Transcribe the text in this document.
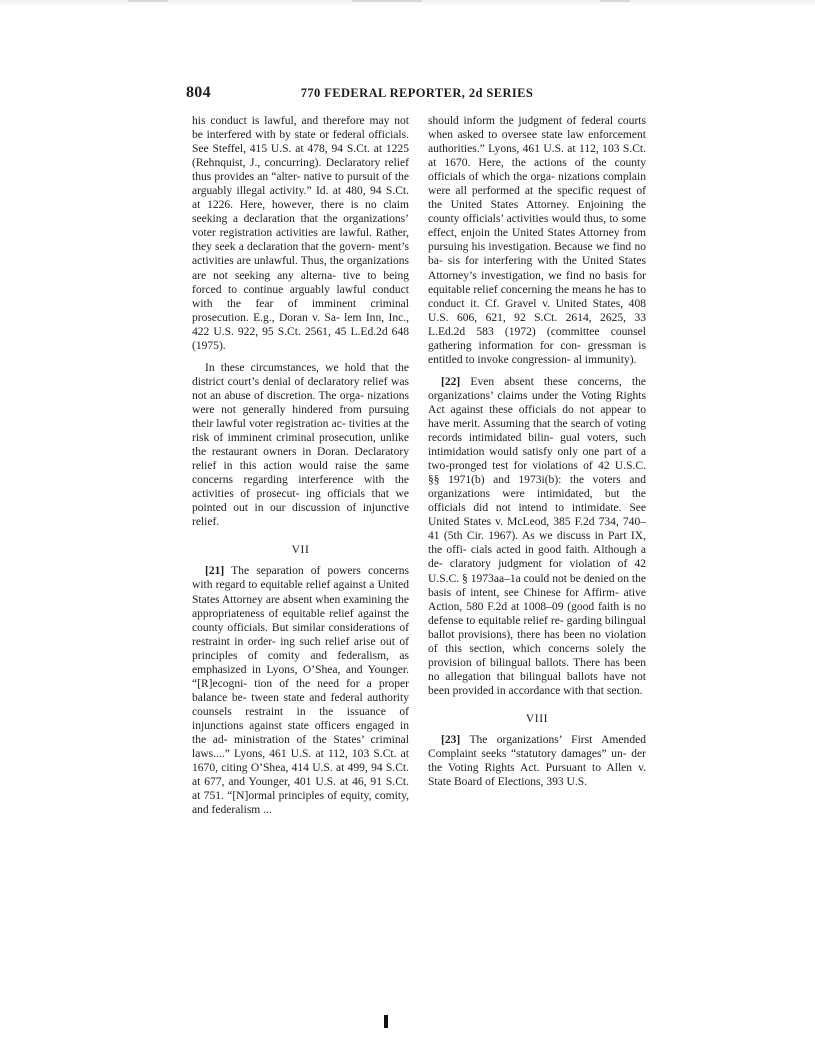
804	770 FEDERAL REPORTER, 2d SERIES

his conduct is lawful, and therefore may not be interfered with by state or federal officials. See Steffel, 415 U.S. at 478, 94 S.Ct. at 1225 (Rehnquist, J., concurring). Declaratory relief thus provides an “alter- native to pursuit of the arguably illegal activity.” Id. at 480, 94 S.Ct. at 1226. Here, however, there is no claim seeking a declaration that the organizations’ voter registration activities are lawful. Rather, they seek a declaration that the govern- ment’s activities are unlawful. Thus, the organizations are not seeking any alterna- tive to being forced to continue arguably lawful conduct with the fear of imminent criminal prosecution. E.g., Doran v. Sa- lem Inn, Inc., 422 U.S. 922, 95 S.Ct. 2561, 45 L.Ed.2d 648 (1975).

In these circumstances, we hold that the district court’s denial of declaratory relief was not an abuse of discretion. The orga- nizations were not generally hindered from pursuing their lawful voter registration ac- tivities at the risk of imminent criminal prosecution, unlike the restaurant owners in Doran. Declaratory relief in this action would raise the same concerns regarding interference with the activities of prosecut- ing officials that we pointed out in our discussion of injunctive relief.

VII

[21] The separation of powers concerns with regard to equitable relief against a United States Attorney are absent when examining the appropriateness of equitable relief against the county officials. But similar considerations of restraint in order- ing such relief arise out of principles of comity and federalism, as emphasized in Lyons, O’Shea, and Younger. “[R]ecogni- tion of the need for a proper balance be- tween state and federal authority counsels restraint in the issuance of injunctions against state officers engaged in the ad- ministration of the States’ criminal laws....” Lyons, 461 U.S. at 112, 103 S.Ct. at 1670, citing O’Shea, 414 U.S. at 499, 94 S.Ct. at 677, and Younger, 401 U.S. at 46, 91 S.Ct. at 751. “[N]ormal principles of equity, comity, and federalism ...

should inform the judgment of federal courts when asked to oversee state law enforcement authorities.” Lyons, 461 U.S. at 112, 103 S.Ct. at 1670. Here, the actions of the county officials of which the orga- nizations complain were all performed at the specific request of the United States Attorney. Enjoining the county officials’ activities would thus, to some effect, enjoin the United States Attorney from pursuing his investigation. Because we find no ba- sis for interfering with the United States Attorney’s investigation, we find no basis for equitable relief concerning the means he has to conduct it. Cf. Gravel v. United States, 408 U.S. 606, 621, 92 S.Ct. 2614, 2625, 33 L.Ed.2d 583 (1972) (committee counsel gathering information for con- gressman is entitled to invoke congression- al immunity).

[22] Even absent these concerns, the organizations’ claims under the Voting Rights Act against these officials do not appear to have merit. Assuming that the search of voting records intimidated bilin- gual voters, such intimidation would satisfy only one part of a two-pronged test for violations of 42 U.S.C. §§ 1971(b) and 1973i(b): the voters and organizations were intimidated, but the officials did not intend to intimidate. See United States v. McLeod, 385 F.2d 734, 740–41 (5th Cir. 1967). As we discuss in Part IX, the offi- cials acted in good faith. Although a de- claratory judgment for violation of 42 U.S.C. § 1973aa–1a could not be denied on the basis of intent, see Chinese for Affirm- ative Action, 580 F.2d at 1008–09 (good faith is no defense to equitable relief re- garding bilingual ballot provisions), there has been no violation of this section, which concerns solely the provision of bilingual ballots. There has been no allegation that bilingual ballots have not been provided in accordance with that section.

VIII

[23] The organizations’ First Amended Complaint seeks “statutory damages” un- der the Voting Rights Act. Pursuant to Allen v. State Board of Elections, 393 U.S.
